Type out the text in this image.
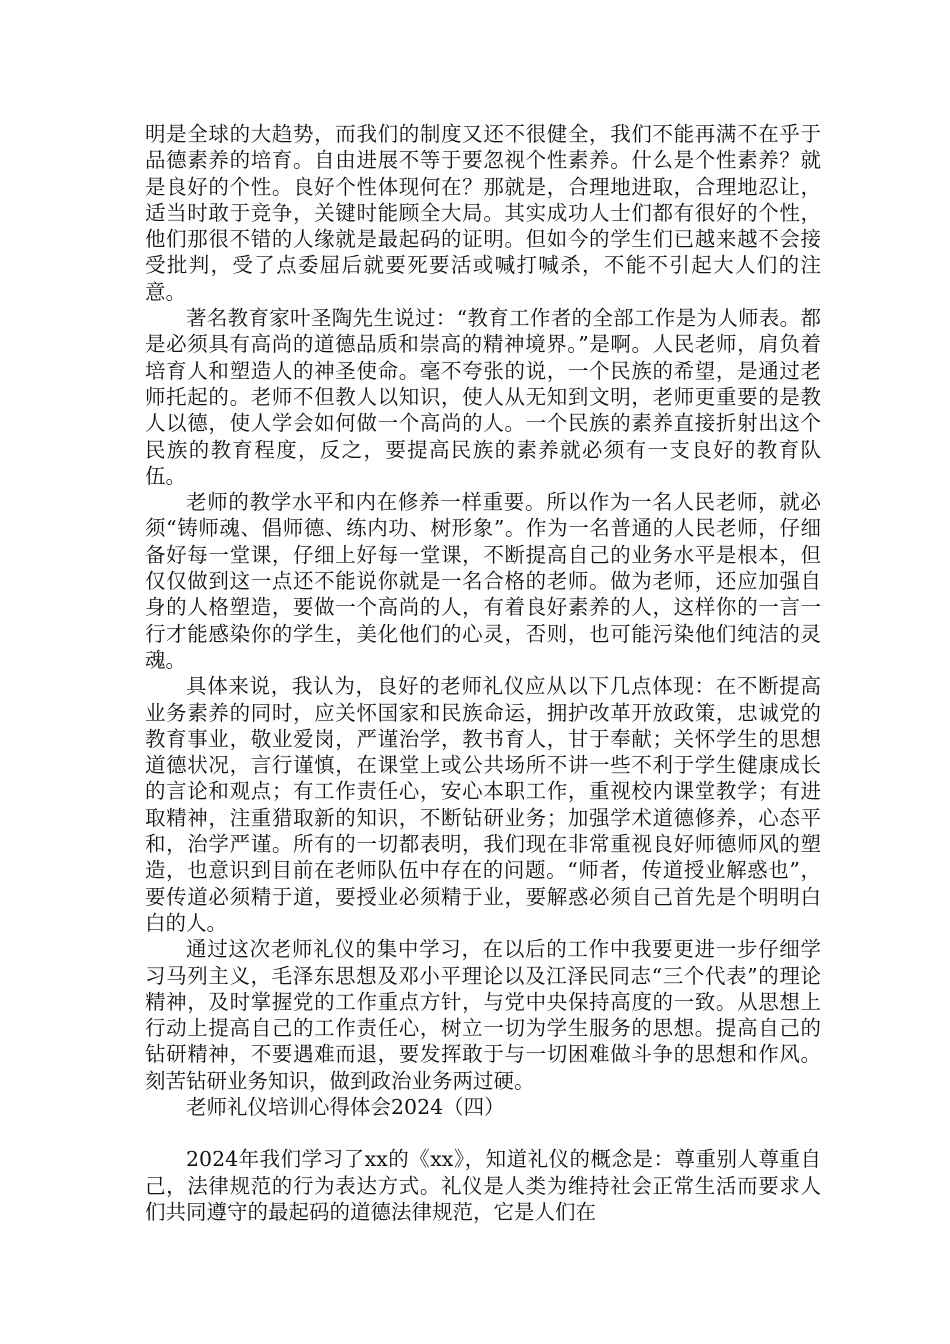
明是全球的大趋势，而我们的制度又还不很健全，我们不能再满不在乎于品德素养的培育。自由进展不等于要忽视个性素养。什么是个性素养？就是良好的个性。良好个性体现何在？那就是，合理地进取，合理地忍让，适当时敢于竞争，关键时能顾全大局。其实成功人士们都有很好的个性，他们那很不错的人缘就是最起码的证明。但如今的学生们已越来越不会接受批判，受了点委屈后就要死要活或喊打喊杀，不能不引起大人们的注意。

著名教育家叶圣陶先生说过：“教育工作者的全部工作是为人师表。都是必须具有高尚的道德品质和崇高的精神境界。”是啊。人民老师，肩负着培育人和塑造人的神圣使命。毫不夸张的说，一个民族的希望，是通过老师托起的。老师不但教人以知识，使人从无知到文明，老师更重要的是教人以德，使人学会如何做一个高尚的人。一个民族的素养直接折射出这个民族的教育程度，反之，要提高民族的素养就必须有一支良好的教育队伍。

老师的教学水平和内在修养一样重要。所以作为一名人民老师，就必须“铸师魂、倡师德、练内功、树形象”。作为一名普通的人民老师，仔细备好每一堂课，仔细上好每一堂课，不断提高自己的业务水平是根本，但仅仅做到这一点还不能说你就是一名合格的老师。做为老师，还应加强自身的人格塑造，要做一个高尚的人，有着良好素养的人，这样你的一言一行才能感染你的学生，美化他们的心灵，否则，也可能污染他们纯洁的灵魂。

具体来说，我认为，良好的老师礼仪应从以下几点体现：在不断提高业务素养的同时，应关怀国家和民族命运，拥护改革开放政策，忠诚党的教育事业，敬业爱岗，严谨治学，教书育人，甘于奉献；关怀学生的思想道德状况，言行谨慎，在课堂上或公共场所不讲一些不利于学生健康成长的言论和观点；有工作责任心，安心本职工作，重视校内课堂教学；有进取精神，注重猎取新的知识，不断钻研业务；加强学术道德修养，心态平和，治学严谨。所有的一切都表明，我们现在非常重视良好师德师风的塑造，也意识到目前在老师队伍中存在的问题。“师者，传道授业解惑也”，要传道必须精于道，要授业必须精于业，要解惑必须自己首先是个明明白白的人。

通过这次老师礼仪的集中学习，在以后的工作中我要更进一步仔细学习马列主义，毛泽东思想及邓小平理论以及江泽民同志“三个代表”的理论精神，及时掌握党的工作重点方针，与党中央保持高度的一致。从思想上行动上提高自己的工作责任心，树立一切为学生服务的思想。提高自己的钻研精神，不要遇难而退，要发挥敢于与一切困难做斗争的思想和作风。刻苦钻研业务知识，做到政治业务两过硬。

老师礼仪培训心得体会2024（四）

2024年我们学习了xx的《xx》，知道礼仪的概念是：尊重别人尊重自己，法律规范的行为表达方式。礼仪是人类为维持社会正常生活而要求人们共同遵守的最起码的道德法律规范，它是人们在
